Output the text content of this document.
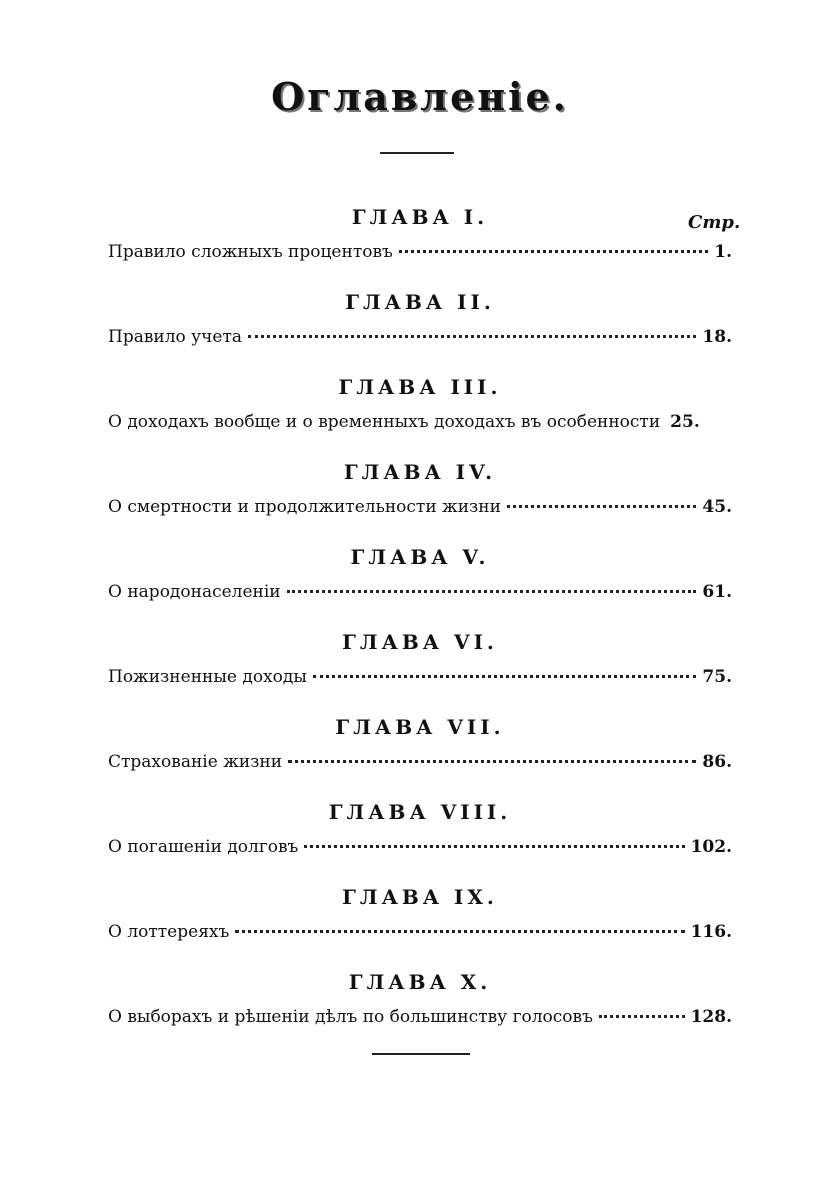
Оглавленіе.
Стр.
ГЛАВА I.
Правило сложныхъ процентовъ	1.
ГЛАВА II.
Правило учета	18.
ГЛАВА III.
О доходахъ вообще и о временныхъ доходахъ въ особенности 25.
ГЛАВА IV.
О смертности и продолжительности жизни	45.
ГЛАВА V.
О народонаселеніи	61.
ГЛАВА VI.
Пожизненные доходы	75.
ГЛАВА VII.
Страхованіе жизни	86.
ГЛАВА VIII.
О погашеніи долговъ	102.
ГЛАВА IX.
О лоттереяхъ	116.
ГЛАВА X.
О выборахъ и рѣшеніи дѣлъ по большинству голосовъ	128.
